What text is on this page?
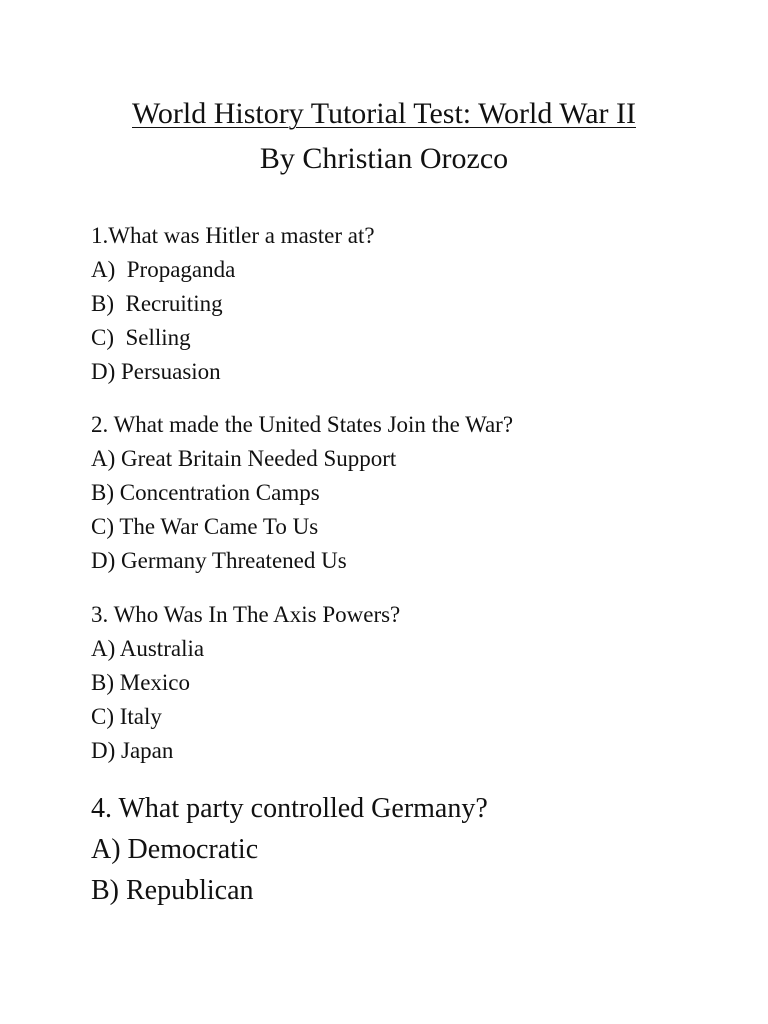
World History Tutorial Test: World War II
By Christian Orozco
1.What was Hitler a master at?
A)  Propaganda
B)  Recruiting
C)  Selling
D) Persuasion
2. What made the United States Join the War?
A) Great Britain Needed Support
B) Concentration Camps
C) The War Came To Us
D) Germany Threatened Us
3. Who Was In The Axis Powers?
A) Australia
B) Mexico
C) Italy
D) Japan
4. What party controlled Germany?
A) Democratic
B) Republican
